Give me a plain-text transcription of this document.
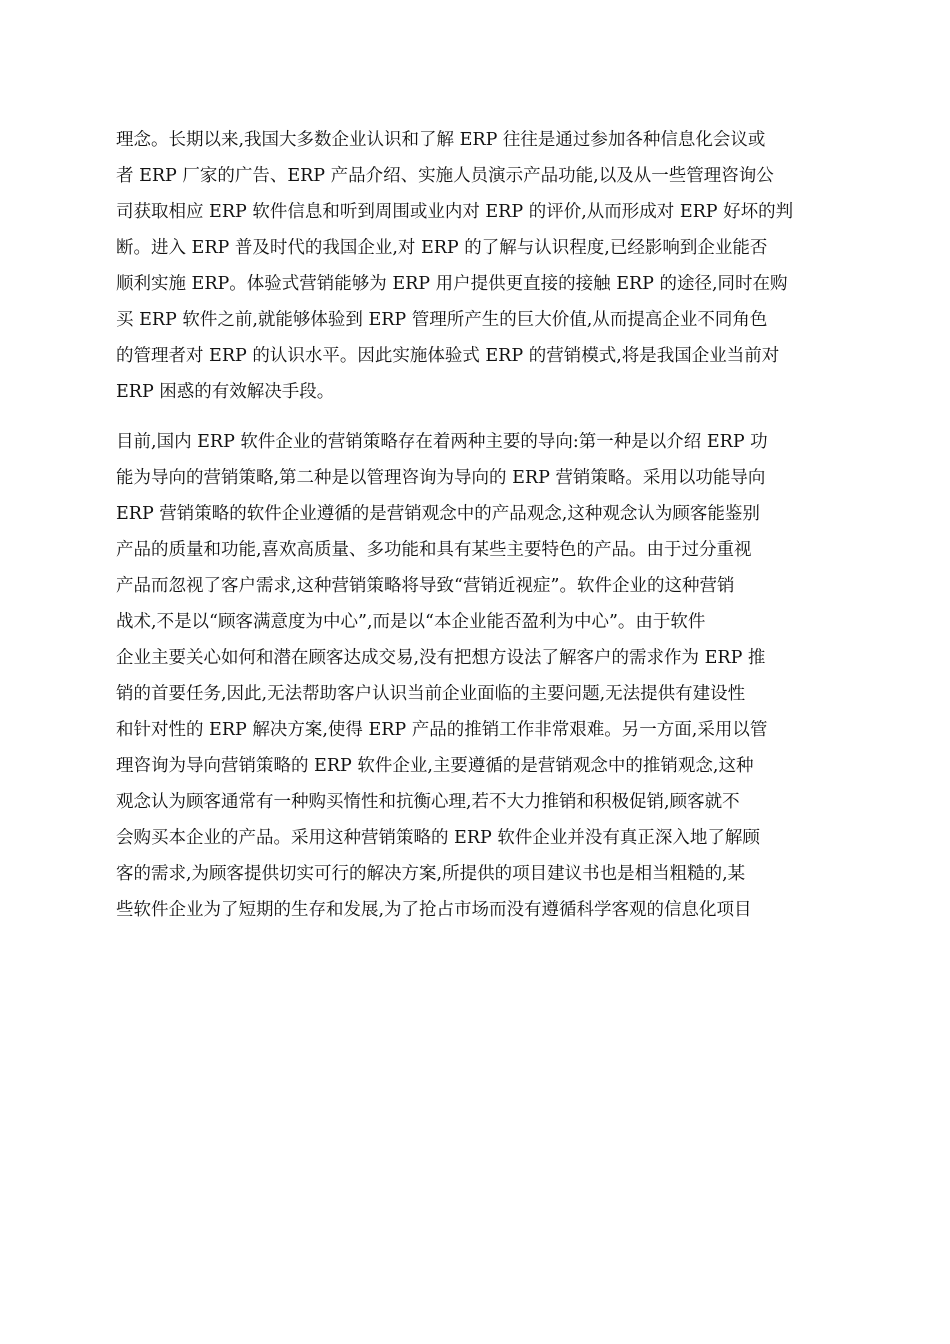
理念。长期以来,我国大多数企业认识和了解 ERP 往往是通过参加各种信息化会议或
者 ERP 厂家的广告、ERP 产品介绍、实施人员演示产品功能,以及从一些管理咨询公
司获取相应 ERP 软件信息和听到周围或业内对 ERP 的评价,从而形成对 ERP 好坏的判
断。进入 ERP 普及时代的我国企业,对 ERP 的了解与认识程度,已经影响到企业能否
顺利实施 ERP。体验式营销能够为 ERP 用户提供更直接的接触 ERP 的途径,同时在购
买 ERP 软件之前,就能够体验到 ERP 管理所产生的巨大价值,从而提高企业不同角色
的管理者对 ERP 的认识水平。因此实施体验式 ERP 的营销模式,将是我国企业当前对
ERP 困惑的有效解决手段。
目前,国内 ERP 软件企业的营销策略存在着两种主要的导向:第一种是以介绍 ERP 功
能为导向的营销策略,第二种是以管理咨询为导向的 ERP 营销策略。采用以功能导向
ERP 营销策略的软件企业遵循的是营销观念中的产品观念,这种观念认为顾客能鉴别
产品的质量和功能,喜欢高质量、多功能和具有某些主要特色的产品。由于过分重视
产品而忽视了客户需求,这种营销策略将导致“营销近视症”。软件企业的这种营销
战术,不是以“顾客满意度为中心”,而是以“本企业能否盈利为中心”。由于软件
企业主要关心如何和潜在顾客达成交易,没有把想方设法了解客户的需求作为 ERP 推
销的首要任务,因此,无法帮助客户认识当前企业面临的主要问题,无法提供有建设性
和针对性的 ERP 解决方案,使得 ERP 产品的推销工作非常艰难。另一方面,采用以管
理咨询为导向营销策略的 ERP 软件企业,主要遵循的是营销观念中的推销观念,这种
观念认为顾客通常有一种购买惰性和抗衡心理,若不大力推销和积极促销,顾客就不
会购买本企业的产品。采用这种营销策略的 ERP 软件企业并没有真正深入地了解顾
客的需求,为顾客提供切实可行的解决方案,所提供的项目建议书也是相当粗糙的,某
些软件企业为了短期的生存和发展,为了抢占市场而没有遵循科学客观的信息化项目
